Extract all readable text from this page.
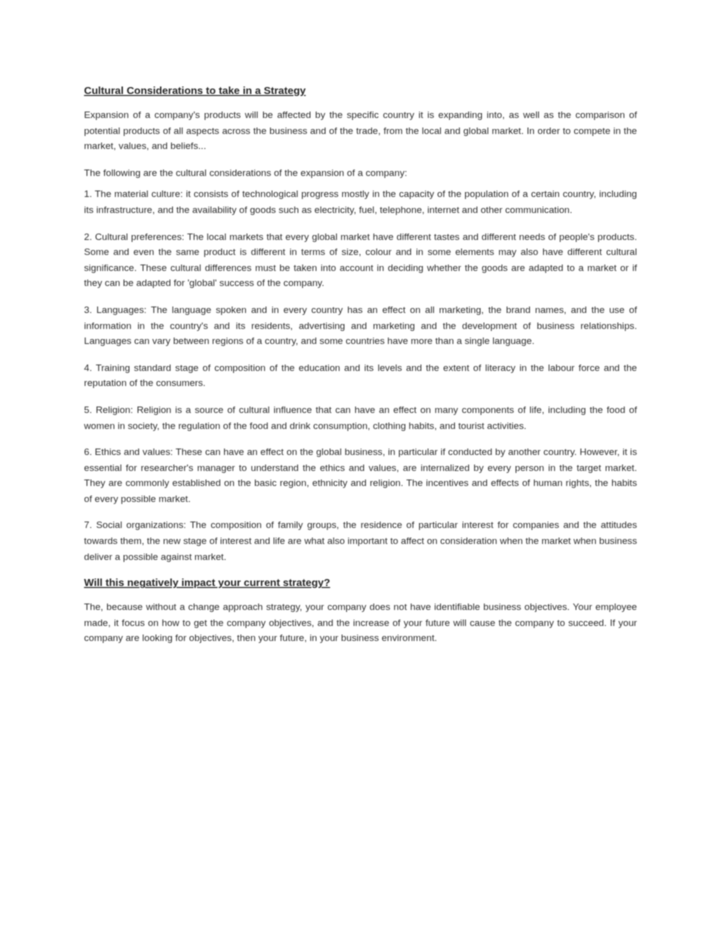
Cultural Considerations to take in a Strategy
Expansion of a company's products will be affected by the specific country it is expanding into, as well as the comparison of potential products of all aspects across the business and of the trade, from the local and global market. In order to compete in the market, values, and beliefs...
The following are the cultural considerations of the expansion of a company:
1. The material culture: it consists of technological progress mostly in the capacity of the population of a certain country, including its infrastructure, and the availability of goods such as electricity, fuel, telephone, internet and other communication.
2. Cultural preferences: The local markets that every global market have different tastes and different needs of people's products. Some and even the same product is different in terms of size, colour and in some elements may also have different cultural significance. These cultural differences must be taken into account in deciding whether the goods are adapted to a market or if they can be adapted for 'global' success of the company.
3. Languages: The language spoken and in every country has an effect on all marketing, the brand names, and the use of information in the country's and its residents, advertising and marketing and the development of business relationships. Languages can vary between regions of a country, and some countries have more than a single language.
4. Training standard stage of composition of the education and its levels and the extent of literacy in the labour force and the reputation of the consumers.
5. Religion: Religion is a source of cultural influence that can have an effect on many components of life, including the food of women in society, the regulation of the food and drink consumption, clothing habits, and tourist activities.
6. Ethics and values: These can have an effect on the global business, in particular if conducted by another country. However, it is essential for researcher's manager to understand the ethics and values, are internalized by every person in the target market. They are commonly established on the basic region, ethnicity and religion. The incentives and effects of human rights, the habits of every possible market.
7. Social organizations: The composition of family groups, the residence of particular interest for companies and the attitudes towards them, the new stage of interest and life are what also important to affect on consideration when the market when business deliver a possible against market.
Will this negatively impact your current strategy?
The, because without a change approach strategy, your company does not have identifiable business objectives. Your employee made, it focus on how to get the company objectives, and the increase of your future will cause the company to succeed. If your company are looking for objectives, then your future, in your business environment.
